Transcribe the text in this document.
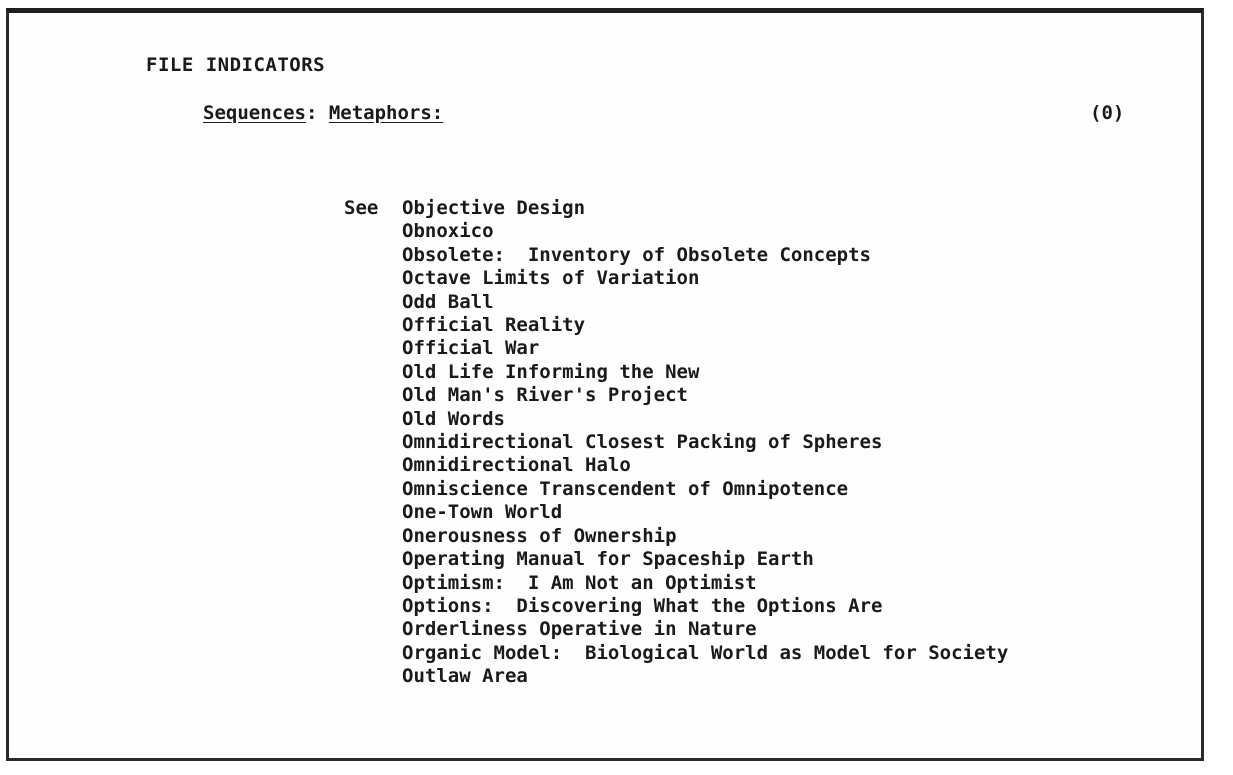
FILE INDICATORS
Sequences: Metaphors:	(0)
See Objective Design
Obnoxico
Obsolete:  Inventory of Obsolete Concepts
Octave Limits of Variation
Odd Ball
Official Reality
Official War
Old Life Informing the New
Old Man's River's Project
Old Words
Omnidirectional Closest Packing of Spheres
Omnidirectional Halo
Omniscience Transcendent of Omnipotence
One-Town World
Onerousness of Ownership
Operating Manual for Spaceship Earth
Optimism:  I Am Not an Optimist
Options:  Discovering What the Options Are
Orderliness Operative in Nature
Organic Model:  Biological World as Model for Society
Outlaw Area
